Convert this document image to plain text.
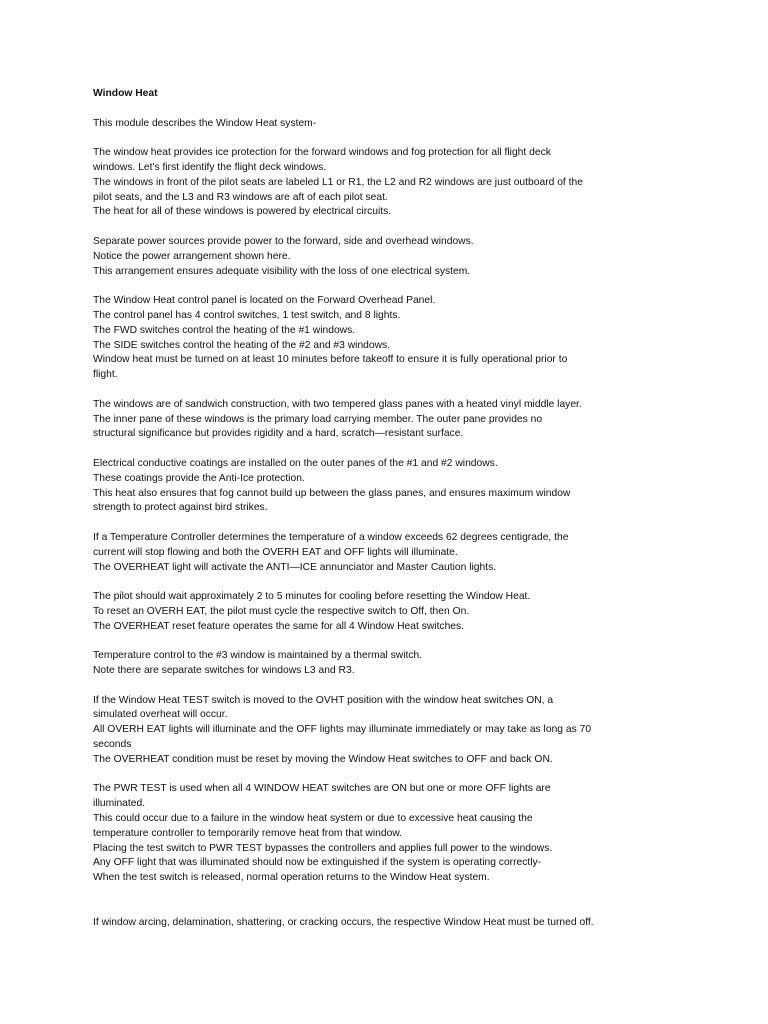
Window Heat
This module describes the Window Heat system-
The window heat provides ice protection for the forward windows and fog protection for all flight deck
windows. Let's first identify the flight deck windows.
The windows in front of the pilot seats are labeled L1 or R1, the L2 and R2 windows are just outboard of the
pilot seats, and the L3 and R3 windows are aft of each pilot seat.
The heat for all of these windows is powered by electrical circuits.
Separate power sources provide power to the forward, side and overhead windows.
Notice the power arrangement shown here.
This arrangement ensures adequate visibility with the loss of one electrical system.
The Window Heat control panel is located on the Forward Overhead Panel.
The control panel has 4 control switches, 1 test switch, and 8 lights.
The FWD switches control the heating of the #1 windows.
The SIDE switches control the heating of the #2 and #3 windows.
Window heat must be turned on at least 10 minutes before takeoff to ensure it is fully operational prior to
flight.
The windows are of sandwich construction, with two tempered glass panes with a heated vinyl middle layer.
The inner pane of these windows is the primary load carrying member. The outer pane provides no
structural significance but provides rigidity and a hard, scratch—resistant surface.
Electrical conductive coatings are installed on the outer panes of the #1 and #2 windows.
These coatings provide the Anti-Ice protection.
This heat also ensures that fog cannot build up between the glass panes, and ensures maximum window
strength to protect against bird strikes.
If a Temperature Controller determines the temperature of a window exceeds 62 degrees centigrade, the
current will stop flowing and both the OVERH EAT and OFF lights will illuminate.
The OVERHEAT light will activate the ANTI—ICE annunciator and Master Caution lights.
The pilot should wait approximately 2 to 5 minutes for cooling before resetting the Window Heat.
To reset an OVERH EAT, the pilot must cycle the respective switch to Off, then On.
The OVERHEAT reset feature operates the same for all 4 Window Heat switches.
Temperature control to the #3 window is maintained by a thermal switch.
Note there are separate switches for windows L3 and R3.
If the Window Heat TEST switch is moved to the OVHT position with the window heat switches ON, a
simulated overheat will occur.
All OVERH EAT lights will illuminate and the OFF lights may illuminate immediately or may take as long as 70
seconds
The OVERHEAT condition must be reset by moving the Window Heat switches to OFF and back ON.
The PWR TEST is used when all 4 WINDOW HEAT switches are ON but one or more OFF lights are
illuminated.
This could occur due to a failure in the window heat system or due to excessive heat causing the
temperature controller to temporarily remove heat from that window.
Placing the test switch to PWR TEST bypasses the controllers and applies full power to the windows.
Any OFF light that was illuminated should now be extinguished if the system is operating correctly-
When the test switch is released, normal operation returns to the Window Heat system.
If window arcing, delamination, shattering, or cracking occurs, the respective Window Heat must be turned off.
